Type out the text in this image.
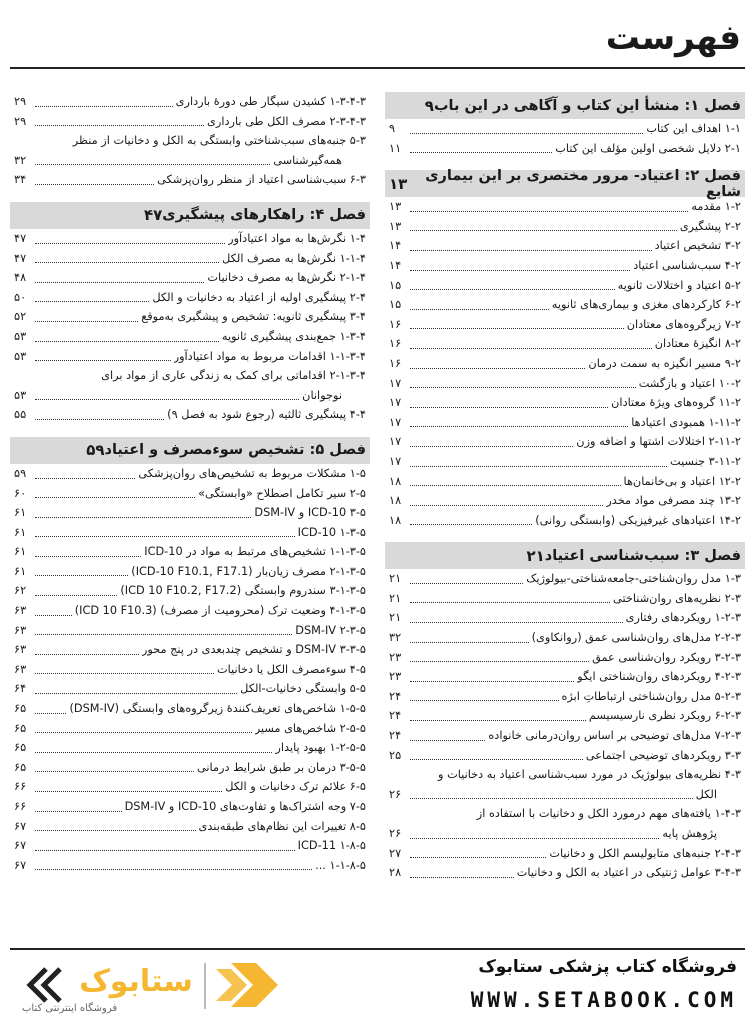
فهرست
فصل ۱: منشأ این کتاب و آگاهی در این باب
۹
۱-۱ اهداف این کتاب
۹
۲-۱ دلایل شخصی اولین مؤلف این کتاب
۱۱
فصل ۲: اعتیاد- مرور مختصری بر این بیماری شایع
۱۳
۱-۲ مقدمه
۱۳
۲-۲ پیشگیری
۱۳
۳-۲ تشخیص اعتیاد
۱۴
۴-۲ سبب‌شناسی اعتیاد
۱۴
۵-۲ اعتیاد و اختلالات ثانویه
۱۵
۶-۲ کارکردهای مغزی و بیماری‌های ثانویه
۱۵
۷-۲ زیرگروه‌های معتادان
۱۶
۸-۲ انگیزهٔ معتادان
۱۶
۹-۲ مسیر انگیزه به سمت درمان
۱۶
۱۰-۲ اعتیاد و بازگشت
۱۷
۱۱-۲ گروه‌های ویژهٔ معتادان
۱۷
۱-۱۱-۲ همبودی اعتیادها
۱۷
۲-۱۱-۲ اختلالات اشتها و اضافه وزن
۱۷
۳-۱۱-۲ جنسیت
۱۷
۱۲-۲ اعتیاد و بی‌خانمان‌ها
۱۸
۱۳-۲ چند مصرفی مواد مخدر
۱۸
۱۴-۲ اعتیادهای غیرفیزیکی (وابستگی روانی)
۱۸
فصل ۳: سبب‌شناسی اعتیاد
۲۱
۱-۳ مدل روان‌شناختی-جامعه‌شناختی-بیولوژیک
۲۱
۲-۳ نظریه‌های روان‌شناختی
۲۱
۱-۲-۳ رویکردهای رفتاری
۲۱
۲-۲-۳ مدل‌های روان‌شناسی عمق (روانکاوی)
۳۲
۳-۲-۳ رویکرد روان‌شناسی عمق
۲۳
۴-۲-۳ رویکردهای روان‌شناختی ایگو
۲۳
۵-۲-۳ مدل روان‌شناختی ارتباطاتِ ابژه
۲۴
۶-۲-۳ رویکرد نظری نارسیسیسم
۲۴
۷-۲-۳ مدل‌های توضیحی بر اساس روان‌درمانی خانواده
۲۴
۳-۳ رویکردهای توضیحی اجتماعی
۲۵
۴-۳ نظریه‌های بیولوژیک در مورد سبب‌شناسی اعتیاد به دخانیات و
الکل
۲۶
۱-۴-۳ یافته‌های مهم درمورد الکل و دخانیات با استفاده از
پژوهش پایه
۲۶
۲-۴-۳ جنبه‌های متابولیسم الکل و دخانیات
۲۷
۳-۴-۳ عوامل ژنتیکی در اعتیاد به الکل و دخانیات
۲۸
۱-۳-۴-۳ کشیدن سیگار طی دورهٔ بارداری
۲۹
۲-۳-۴-۳ مصرف الکل طی بارداری
۲۹
۵-۳ جنبه‌های سبب‌شناختی وابستگی به الکل و دخانیات از منظر
همه‌گیرشناسی
۳۲
۶-۳ سبب‌شناسی اعتیاد از منظر روان‌پزشکی
۳۴
فصل ۴: راهکارهای پیشگیری
۴۷
۱-۴ نگرش‌ها به مواد اعتیادآور
۴۷
۱-۱-۴ نگرش‌ها به مصرف الکل
۴۷
۲-۱-۴ نگرش‌ها به مصرف دخانیات
۴۸
۲-۴ پیشگیری اولیه از اعتیاد به دخانیات و الکل
۵۰
۳-۴ پیشگیری ثانویه: تشخیص و پیشگیری به‌موقع
۵۲
۱-۳-۴ جمع‌بندی پیشگیری ثانویه
۵۳
۱-۱-۳-۴ اقدامات مربوط به مواد اعتیادآور
۵۳
۲-۱-۳-۴ اقداماتی برای کمک به زندگی عاری از مواد برای
نوجوانان
۵۳
۴-۴ پیشگیری ثالثیه (رجوع شود به فصل ۹)
۵۵
فصل ۵: تشخیص سوءمصرف و اعتیاد
۵۹
۱-۵ مشکلات مربوط به تشخیص‌های روان‌پزشکی
۵۹
۲-۵ سیر تکامل اصطلاح «وابستگی»
۶۰
۳-۵ ICD-10 و DSM-IV
۶۱
۱-۳-۵ ICD-10
۶۱
۱-۱-۳-۵ تشخیص‌های مرتبط به مواد در ICD-10
۶۱
۲-۱-۳-۵ مصرف زیان‌بار (ICD-10 F10.1, F17.1)
۶۱
۳-۱-۳-۵ سندروم وابستگی (ICD 10 F10.2, F17.2)
۶۲
۴-۱-۳-۵ وضعیت ترک (محرومیت از مصرف) (ICD 10 F10.3)
۶۳
۲-۳-۵ DSM-IV
۶۳
۳-۳-۵ DSM-IV و تشخیص چندبعدی در پنج محور
۶۳
۴-۵ سوءمصرف الکل یا دخانیات
۶۳
۵-۵ وابستگی دخانیات-الکل
۶۴
۱-۵-۵ شاخص‌های تعریف‌کنندهٔ زیرگروه‌های وابستگی (DSM-IV)
۶۵
۲-۵-۵ شاخص‌های مسیر
۶۵
۱-۲-۵-۵ بهبود پایدار
۶۵
۳-۵-۵ درمان بر طبق شرایط درمانی
۶۵
۶-۵ علائم ترک دخانیات و الکل
۶۶
۷-۵ وجه اشتراک‌ها و تفاوت‌های ICD-10 و DSM-IV
۶۶
۸-۵ تغییرات این نظام‌های طبقه‌بندی
۶۷
۱-۸-۵ ICD-11
۶۷
۱-۱-۸-۵ ...
۶۷
فروشگاه کتاب پزشکی ستابوک
WWW.SETABOOK.COM
ستابوک
فروشگاه اینترنتی کتاب
